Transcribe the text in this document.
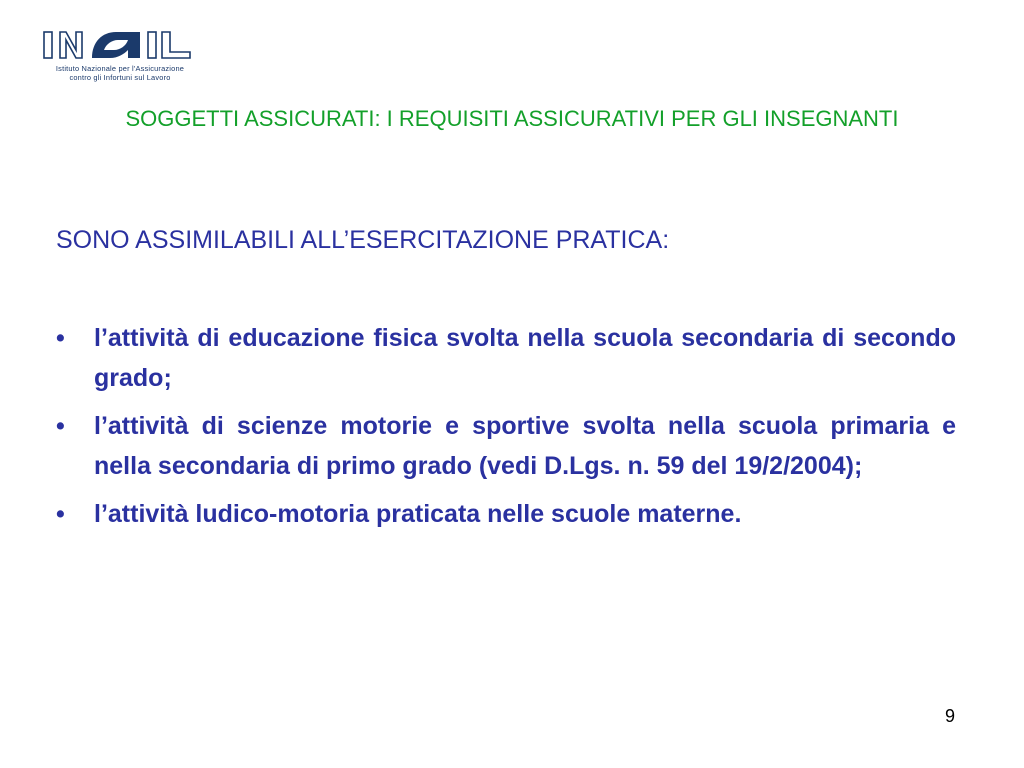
Istituto Nazionale per l'Assicurazione
contro gli Infortuni sul Lavoro
SOGGETTI ASSICURATI: I REQUISITI ASSICURATIVI PER GLI INSEGNANTI
SONO ASSIMILABILI ALL’ESERCITAZIONE PRATICA:
•	l’attività di educazione fisica svolta nella scuola secondaria di secondo grado;
•	l’attività di scienze motorie e sportive svolta nella scuola primaria e nella secondaria di primo grado (vedi D.Lgs. n. 59 del 19/2/2004);
•	l’attività ludico-motoria praticata nelle scuole materne.
9
